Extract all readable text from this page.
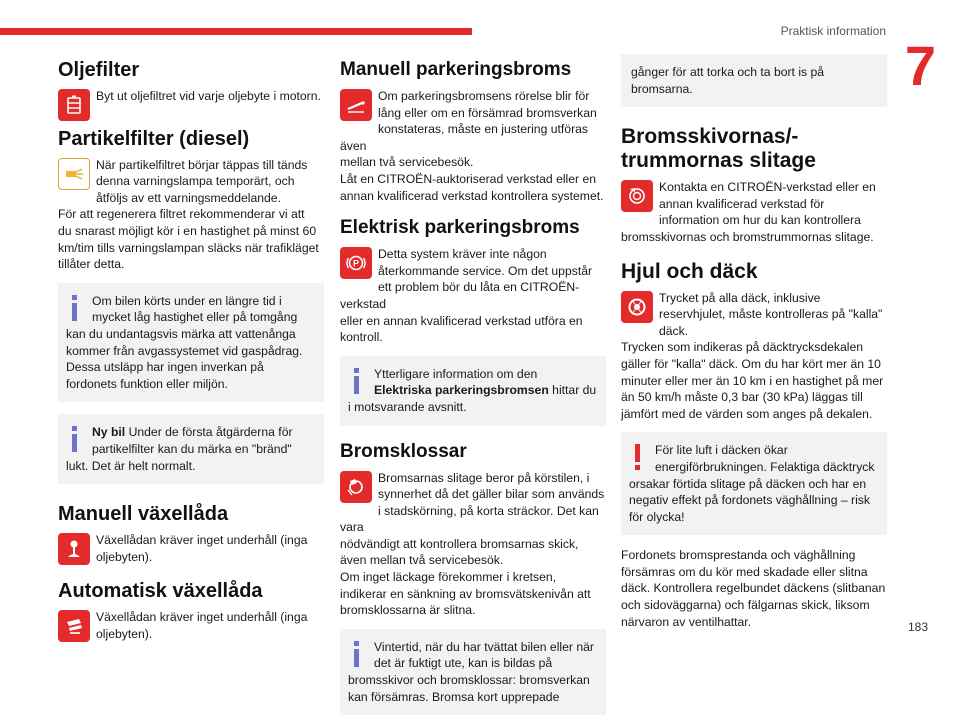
Praktisk information
7
Oljefilter
Byt ut oljefiltret vid varje oljebyte i motorn.
Partikelfilter (diesel)
När partikelfiltret börjar täppas till tänds
denna varningslampa temporärt, och
åtföljs av ett varningsmeddelande.
För att regenerera filtret rekommenderar vi att
du snarast möjligt kör i en hastighet på minst 60
km/tim tills varningslampan släcks när trafikläget
tillåter detta.
Om bilen körts under en längre tid i mycket låg hastighet eller på tomgång kan du undantagsvis märka att vattenånga kommer från avgassystemet vid gaspådrag. Dessa utsläpp har ingen inverkan på fordonets funktion eller miljön.
Ny bil Under de första åtgärderna för partikelfilter kan du märka en "bränd" lukt. Det är helt normalt.
Manuell växellåda
Växellådan kräver inget underhåll (inga
oljebyten).
Automatisk växellåda
Växellådan kräver inget underhåll (inga
oljebyten).
Manuell parkeringsbroms
Om parkeringsbromsens rörelse blir för
lång eller om en försämrad bromsverkan
konstateras, måste en justering utföras även
mellan två servicebesök.
Låt en CITROËN-auktoriserad verkstad eller en
annan kvalificerad verkstad kontrollera systemet.
Elektrisk parkeringsbroms
P
Detta system kräver inte någon
återkommande service. Om det uppstår
ett problem bör du låta en CITROËN-verkstad
eller en annan kvalificerad verkstad utföra en
kontroll.
Ytterligare information om den Elektriska parkeringsbromsen hittar du i motsvarande avsnitt.
Bromsklossar
Bromsarnas slitage beror på körstilen, i
synnerhet då det gäller bilar som används
i stadskörning, på korta sträckor. Det kan vara
nödvändigt att kontrollera bromsarnas skick,
även mellan två servicebesök.
Om inget läckage förekommer i kretsen,
indikerar en sänkning av bromsvätskenivån att
bromsklossarna är slitna.
Vintertid, när du har tvättat bilen eller när det är fuktigt ute, kan is bildas på bromsskivor och bromsklossar: bromsverkan kan försämras. Bromsa kort upprepade
gånger för att torka och ta bort is på bromsarna.
Bromsskivornas/- trummornas slitage
Kontakta en CITROËN-verkstad eller en
annan kvalificerad verkstad för
information om hur du kan kontrollera
bromsskivornas och bromstrummornas slitage.
Hjul och däck
Trycket på alla däck, inklusive
reservhjulet, måste kontrolleras på "kalla"
däck.
Trycken som indikeras på däcktrycksdekalen
gäller för "kalla" däck. Om du har kört mer än 10
minuter eller mer än 10 km i en hastighet på mer
än 50 km/h måste 0,3 bar (30 kPa) läggas till
jämfört med de värden som anges på dekalen.
För lite luft i däcken ökar energiförbrukningen. Felaktiga däcktryck orsakar förtida slitage på däcken och har en negativ effekt på fordonets väghållning – risk för olycka!
Fordonets bromsprestanda och väghållning
försämras om du kör med skadade eller slitna
däck. Kontrollera regelbundet däckens (slitbanan
och sidoväggarna) och fälgarnas skick, liksom
närvaron av ventilhattar.	183
